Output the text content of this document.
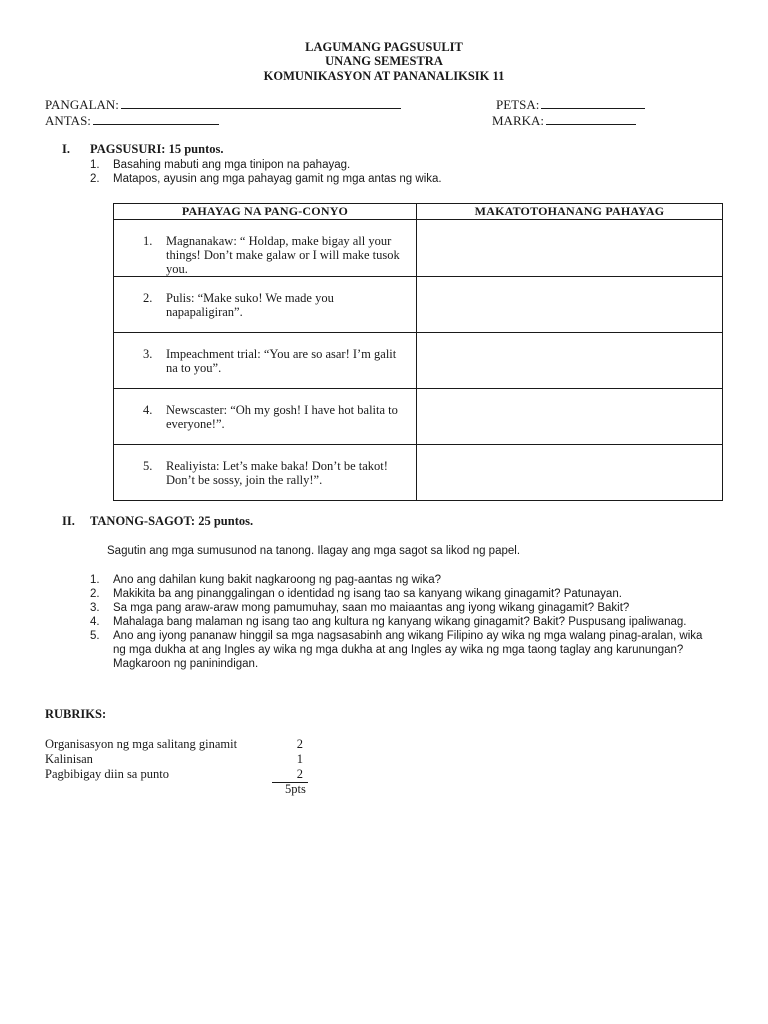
LAGUMANG PAGSUSULIT
UNANG SEMESTRA
KOMUNIKASYON AT PANANALIKSIK 11
PANGALAN:	PETSA:
ANTAS:	MARKA:
I. PAGSUSURI: 15 puntos.
1. Basahing mabuti ang mga tinipon na pahayag.
2. Matapos, ayusin ang mga pahayag gamit ng mga antas ng wika.
PAHAYAG NA PANG-CONYO	MAKATOTOHANANG PAHAYAG

1. Magnanakaw: “ Holdap, make bigay all your things! Don’t make galaw or I will make tusok you.	

2. Pulis: “Make suko! We made you napapaligiran”.	

3. Impeachment trial: “You are so asar! I’m galit na to you”.	

4. Newscaster: “Oh my gosh! I have hot balita to everyone!”.	

5. Realiyista: Let’s make baka! Don’t be takot! Don’t be sossy, join the rally!”.	

II. TANONG-SAGOT: 25 puntos.
Sagutin ang mga sumusunod na tanong. Ilagay ang mga sagot sa likod ng papel.
1. Ano ang dahilan kung bakit nagkaroong ng pag-aantas ng wika?
2. Makikita ba ang pinanggalingan o identidad ng isang tao sa kanyang wikang ginagamit? Patunayan.
3. Sa mga pang araw-araw mong pamumuhay, saan mo maiaantas ang iyong wikang ginagamit? Bakit?
4. Mahalaga bang malaman ng isang tao ang kultura ng kanyang wikang ginagamit? Bakit? Puspusang ipaliwanag.
5. Ano ang iyong pananaw hinggil sa mga nagsasabinh ang wikang Filipino ay wika ng mga walang pinag-aralan, wika ng mga dukha at ang Ingles ay wika ng mga dukha at ang Ingles ay wika ng mga taong taglay ang karunungan? Magkaroon ng paninindigan.
RUBRIKS:
Organisasyon ng mga salitang ginamit	2
Kalinisan	1
Pagbibigay diin sa punto	2
5pts
